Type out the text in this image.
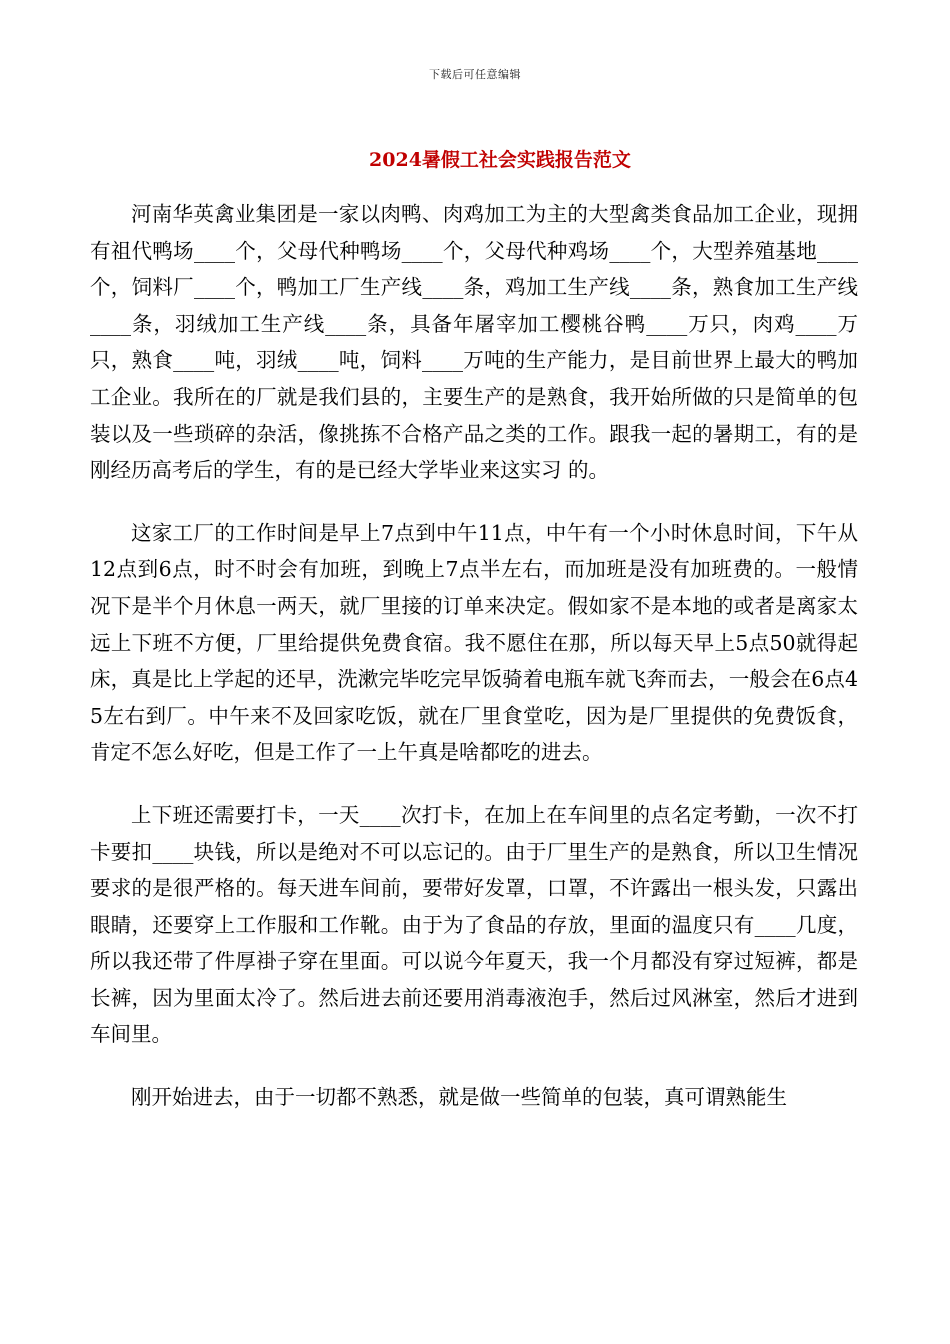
下载后可任意编辑
2024暑假工社会实践报告范文

河南华英禽业集团是一家以肉鸭、肉鸡加工为主的大型禽类食品加工企业，现拥有祖代鸭场____个，父母代种鸭场____个，父母代种鸡场____个，大型养殖基地____个，饲料厂____个，鸭加工厂生产线____条，鸡加工生产线____条，熟食加工生产线____条，羽绒加工生产线____条，具备年屠宰加工樱桃谷鸭____万只，肉鸡____万只，熟食____吨，羽绒____吨，饲料____万吨的生产能力，是目前世界上最大的鸭加工企业。我所在的厂就是我们县的，主要生产的是熟食，我开始所做的只是简单的包装以及一些琐碎的杂活，像挑拣不合格产品之类的工作。跟我一起的暑期工，有的是刚经历高考后的学生，有的是已经大学毕业来这实习 的。

这家工厂的工作时间是早上7点到中午11点，中午有一个小时休息时间，下午从12点到6点，时不时会有加班，到晚上7点半左右，而加班是没有加班费的。一般情况下是半个月休息一两天，就厂里接的订单来决定。假如家不是本地的或者是离家太远上下班不方便，厂里给提供免费食宿。我不愿住在那，所以每天早上5点50就得起床，真是比上学起的还早，洗漱完毕吃完早饭骑着电瓶车就飞奔而去，一般会在6点45左右到厂。中午来不及回家吃饭，就在厂里食堂吃，因为是厂里提供的免费饭食，肯定不怎么好吃，但是工作了一上午真是啥都吃的进去。

上下班还需要打卡，一天____次打卡，在加上在车间里的点名定考勤，一次不打卡要扣____块钱，所以是绝对不可以忘记的。由于厂里生产的是熟食，所以卫生情况要求的是很严格的。每天进车间前，要带好发罩，口罩，不许露出一根头发，只露出眼睛，还要穿上工作服和工作靴。由于为了食品的存放，里面的温度只有____几度，所以我还带了件厚褂子穿在里面。可以说今年夏天，我一个月都没有穿过短裤，都是长裤，因为里面太冷了。然后进去前还要用消毒液泡手，然后过风淋室，然后才进到车间里。

刚开始进去，由于一切都不熟悉，就是做一些简单的包装，真可谓熟能生
